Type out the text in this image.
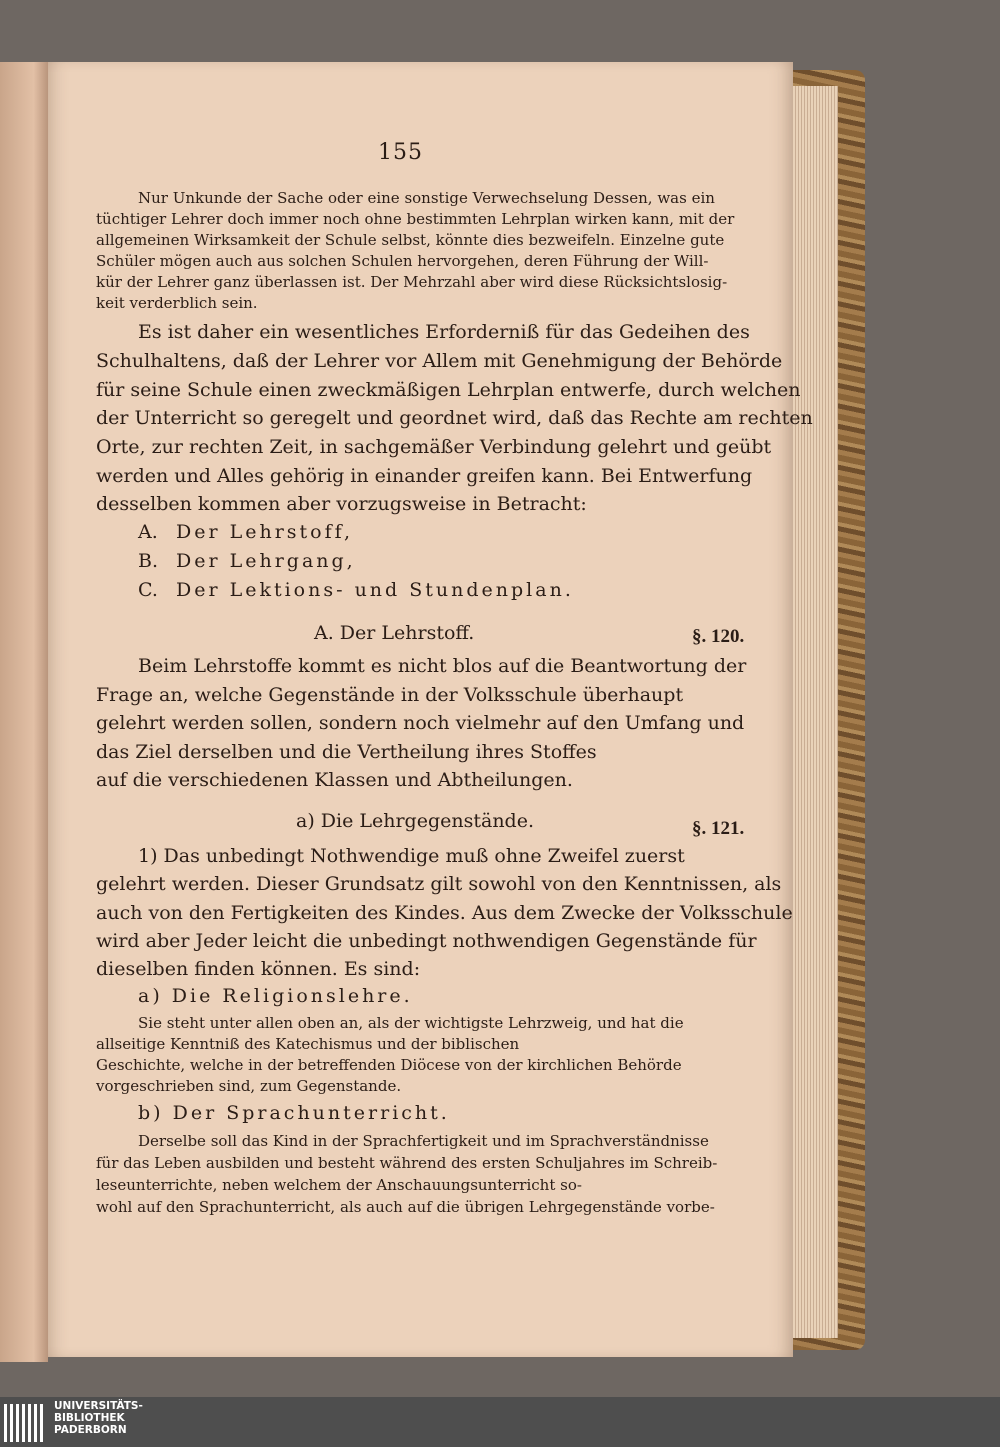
155
Nur Unkunde der Sache oder eine sonstige Verwechselung Dessen, was ein
tüchtiger Lehrer doch immer noch ohne bestimmten Lehrplan wirken kann, mit der
allgemeinen Wirksamkeit der Schule selbst, könnte dies bezweifeln. Einzelne gute
Schüler mögen auch aus solchen Schulen hervorgehen, deren Führung der Will-
kür der Lehrer ganz überlassen ist. Der Mehrzahl aber wird diese Rücksichtslosig-
keit verderblich sein.
Es ist daher ein wesentliches Erforderniß für das Gedeihen des
Schulhaltens, daß der Lehrer vor Allem mit Genehmigung der Behörde
für seine Schule einen zweckmäßigen Lehrplan entwerfe, durch welchen
der Unterricht so geregelt und geordnet wird, daß das Rechte am rechten
Orte, zur rechten Zeit, in sachgemäßer Verbindung gelehrt und geübt
werden und Alles gehörig in einander greifen kann. Bei Entwerfung
desselben kommen aber vorzugsweise in Betracht:
A. Der Lehrstoff,
B. Der Lehrgang,
C. Der Lektions- und Stundenplan.
A. Der Lehrstoff.	§. 120.
Beim Lehrstoffe kommt es nicht blos auf die Beantwortung der
Frage an, welche Gegenstände in der Volksschule überhaupt
gelehrt werden sollen, sondern noch vielmehr auf den Umfang und
das Ziel derselben und die Vertheilung ihres Stoffes
auf die verschiedenen Klassen und Abtheilungen.
a) Die Lehrgegenstände.	§. 121.
1) Das unbedingt Nothwendige muß ohne Zweifel zuerst
gelehrt werden. Dieser Grundsatz gilt sowohl von den Kenntnissen, als
auch von den Fertigkeiten des Kindes. Aus dem Zwecke der Volksschule
wird aber Jeder leicht die unbedingt nothwendigen Gegenstände für
dieselben finden können. Es sind:
a) Die Religionslehre.
Sie steht unter allen oben an, als der wichtigste Lehrzweig, und hat die
allseitige Kenntniß des Katechismus und der biblischen
Geschichte, welche in der betreffenden Diöcese von der kirchlichen Behörde
vorgeschrieben sind, zum Gegenstande.
b) Der Sprachunterricht.
Derselbe soll das Kind in der Sprachfertigkeit und im Sprachverständnisse
für das Leben ausbilden und besteht während des ersten Schuljahres im Schreib-
leseunterrichte, neben welchem der Anschauungsunterricht so-
wohl auf den Sprachunterricht, als auch auf die übrigen Lehrgegenstände vorbe-
UNIVERSITÄTS-
BIBLIOTHEK
PADERBORN
